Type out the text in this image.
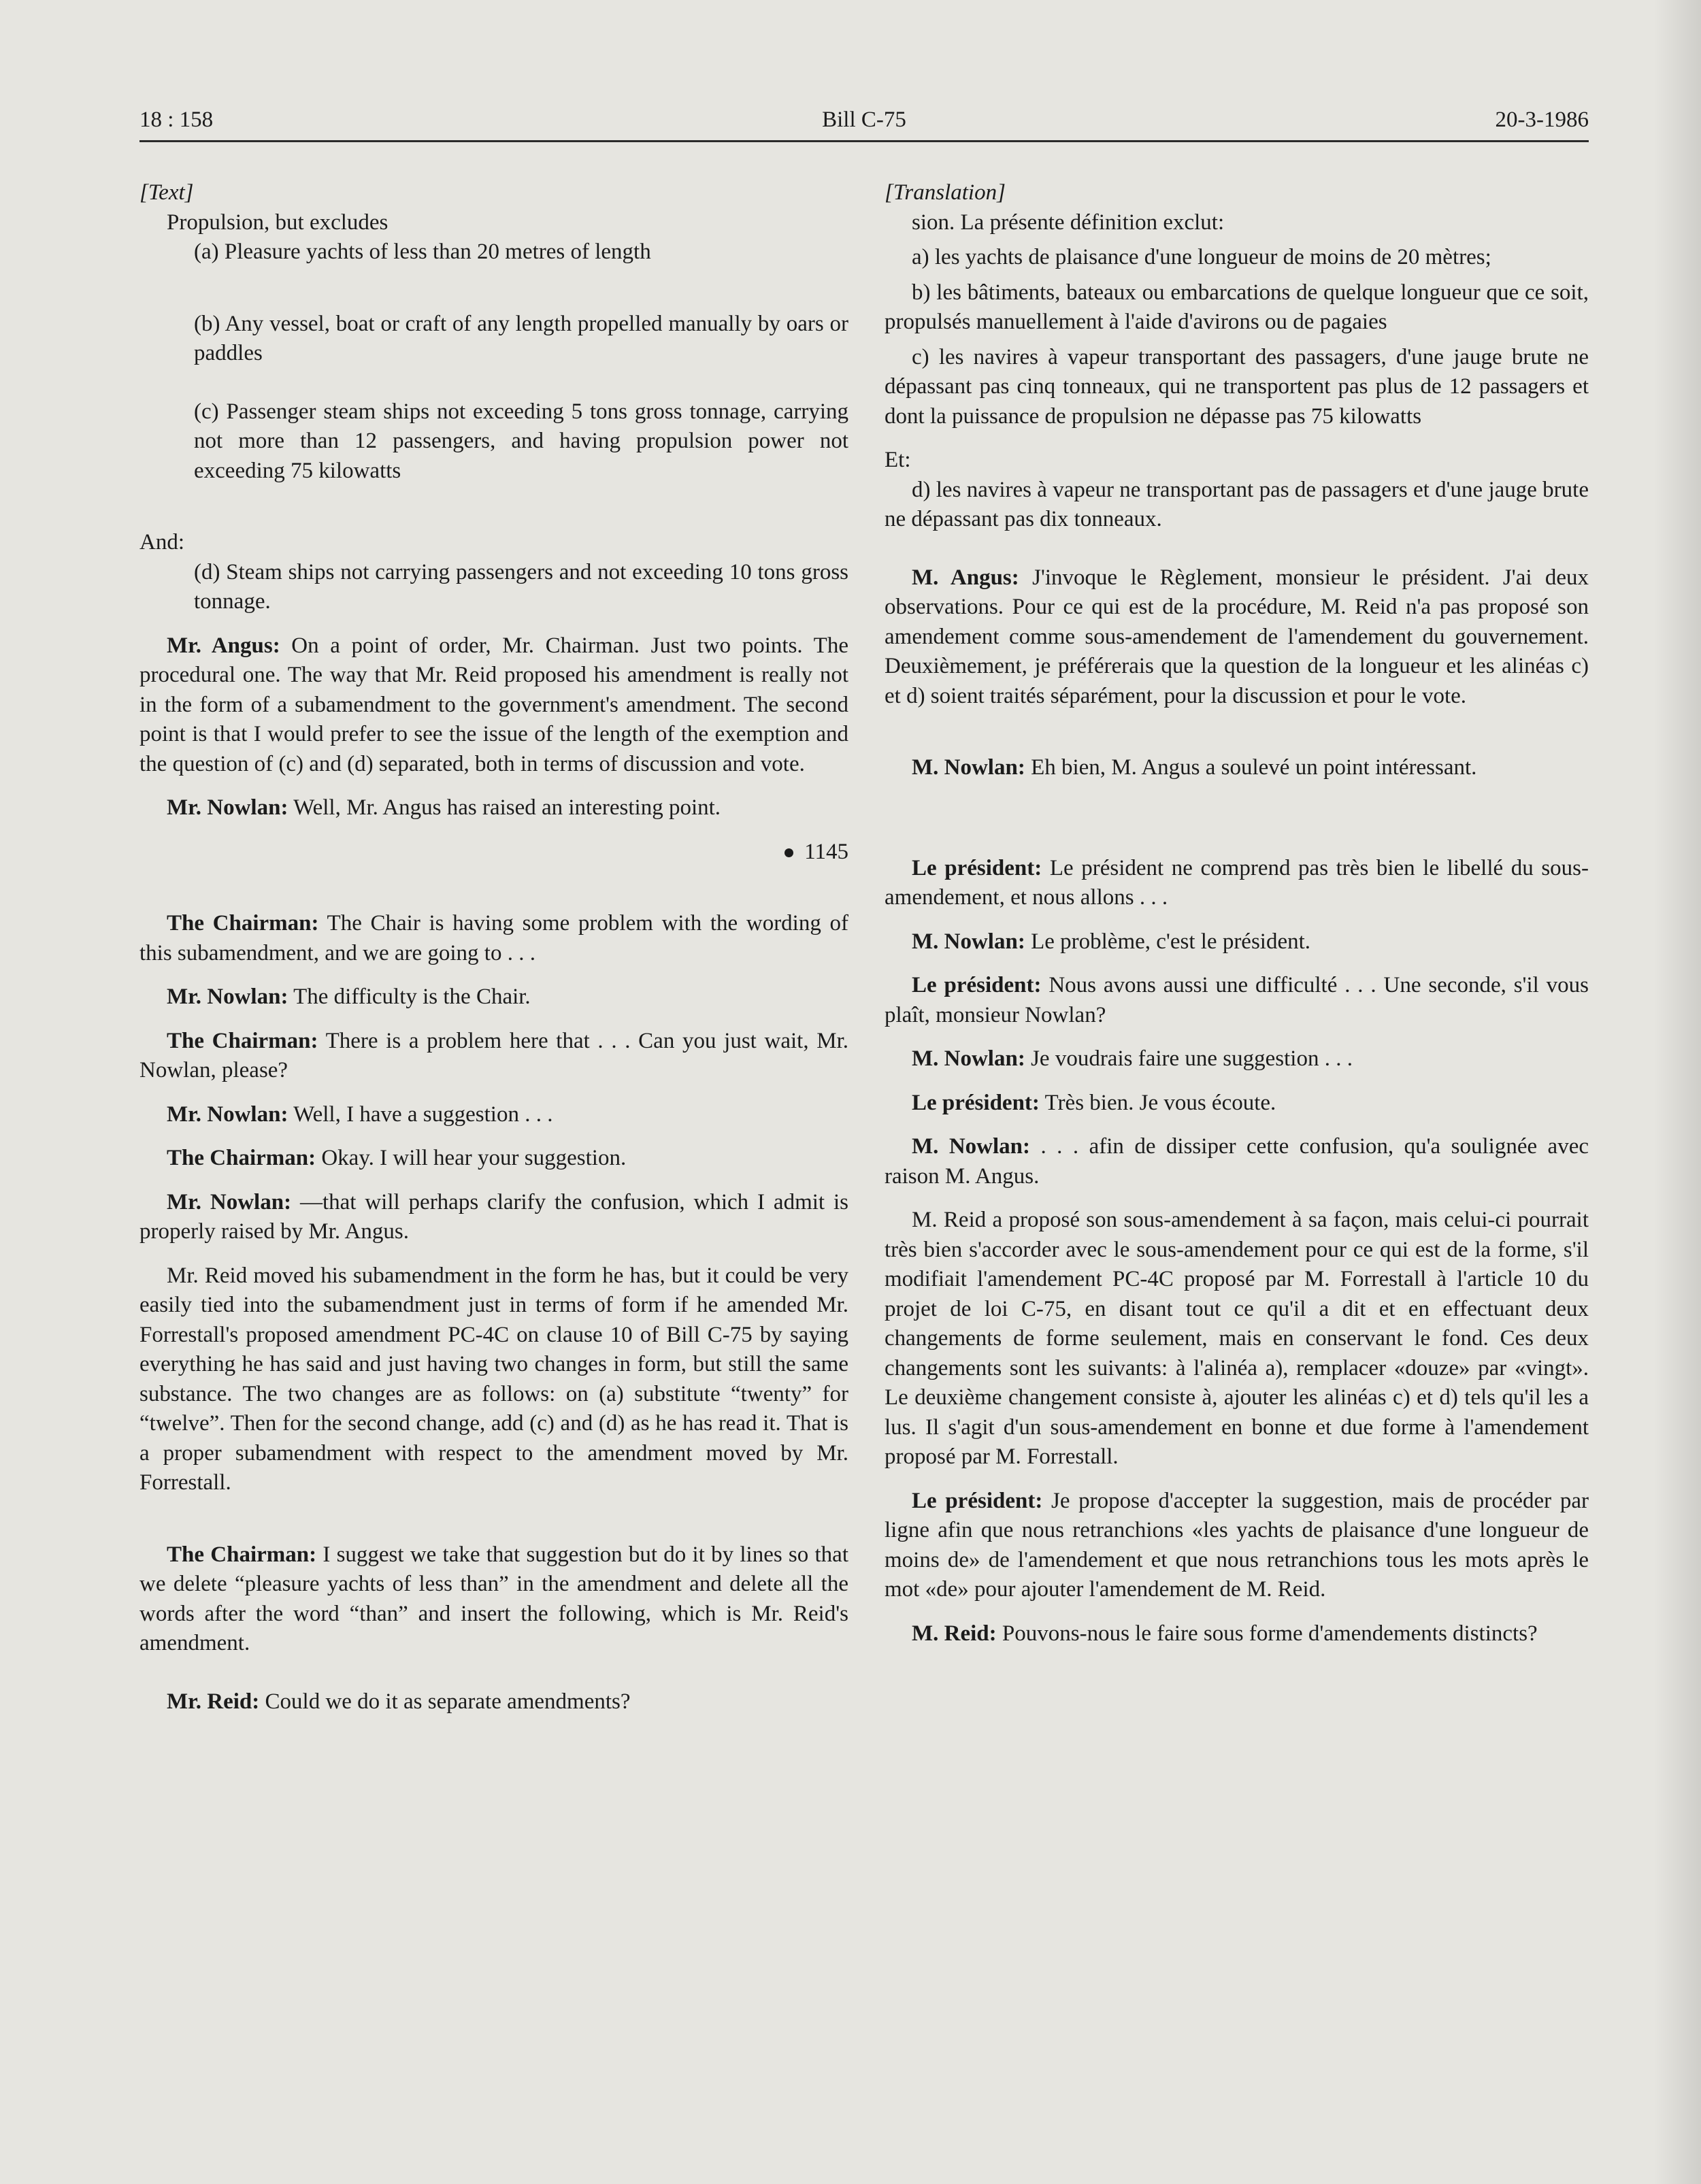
18 : 158	Bill C-75	20-3-1986

[Text]

Propulsion, but excludes

(a) Pleasure yachts of less than 20 metres of length

(b) Any vessel, boat or craft of any length propelled manually by oars or paddles

(c) Passenger steam ships not exceeding 5 tons gross tonnage, carrying not more than 12 passengers, and having propulsion power not exceeding 75 kilowatts

And:

(d) Steam ships not carrying passengers and not exceeding 10 tons gross tonnage.

Mr. Angus: On a point of order, Mr. Chairman. Just two points. The procedural one. The way that Mr. Reid proposed his amendment is really not in the form of a subamendment to the government's amendment. The second point is that I would prefer to see the issue of the length of the exemption and the question of (c) and (d) separated, both in terms of discussion and vote.

Mr. Nowlan: Well, Mr. Angus has raised an interesting point.

1145

The Chairman: The Chair is having some problem with the wording of this subamendment, and we are going to . . .

Mr. Nowlan: The difficulty is the Chair.

The Chairman: There is a problem here that . . . Can you just wait, Mr. Nowlan, please?

Mr. Nowlan: Well, I have a suggestion . . .

The Chairman: Okay. I will hear your suggestion.

Mr. Nowlan: —that will perhaps clarify the confusion, which I admit is properly raised by Mr. Angus.

Mr. Reid moved his subamendment in the form he has, but it could be very easily tied into the subamendment just in terms of form if he amended Mr. Forrestall's proposed amendment PC-4C on clause 10 of Bill C-75 by saying everything he has said and just having two changes in form, but still the same substance. The two changes are as follows: on (a) substitute “twenty” for “twelve”. Then for the second change, add (c) and (d) as he has read it. That is a proper subamendment with respect to the amendment moved by Mr. Forrestall.

The Chairman: I suggest we take that suggestion but do it by lines so that we delete “pleasure yachts of less than” in the amendment and delete all the words after the word “than” and insert the following, which is Mr. Reid's amendment.

Mr. Reid: Could we do it as separate amendments?

[Translation]

sion. La présente définition exclut:

a) les yachts de plaisance d'une longueur de moins de 20 mètres;

b) les bâtiments, bateaux ou embarcations de quelque longueur que ce soit, propulsés manuellement à l'aide d'avirons ou de pagaies

c) les navires à vapeur transportant des passagers, d'une jauge brute ne dépassant pas cinq tonneaux, qui ne transportent pas plus de 12 passagers et dont la puissance de propulsion ne dépasse pas 75 kilowatts

Et:

d) les navires à vapeur ne transportant pas de passagers et d'une jauge brute ne dépassant pas dix tonneaux.

M. Angus: J'invoque le Règlement, monsieur le président. J'ai deux observations. Pour ce qui est de la procédure, M. Reid n'a pas proposé son amendement comme sous-amendement de l'amendement du gouvernement. Deuxièmement, je préférerais que la question de la longueur et les alinéas c) et d) soient traités séparément, pour la discussion et pour le vote.

M. Nowlan: Eh bien, M. Angus a soulevé un point intéressant.

Le président: Le président ne comprend pas très bien le libellé du sous-amendement, et nous allons . . .

M. Nowlan: Le problème, c'est le président.

Le président: Nous avons aussi une difficulté . . . Une seconde, s'il vous plaît, monsieur Nowlan?

M. Nowlan: Je voudrais faire une suggestion . . .

Le président: Très bien. Je vous écoute.

M. Nowlan: . . . afin de dissiper cette confusion, qu'a soulignée avec raison M. Angus.

M. Reid a proposé son sous-amendement à sa façon, mais celui-ci pourrait très bien s'accorder avec le sous-amendement pour ce qui est de la forme, s'il modifiait l'amendement PC-4C proposé par M. Forrestall à l'article 10 du projet de loi C-75, en disant tout ce qu'il a dit et en effectuant deux changements de forme seulement, mais en conservant le fond. Ces deux changements sont les suivants: à l'alinéa a), remplacer «douze» par «vingt». Le deuxième changement consiste à, ajouter les alinéas c) et d) tels qu'il les a lus. Il s'agit d'un sous-amendement en bonne et due forme à l'amendement proposé par M. Forrestall.

Le président: Je propose d'accepter la suggestion, mais de procéder par ligne afin que nous retranchions «les yachts de plaisance d'une longueur de moins de» de l'amendement et que nous retranchions tous les mots après le mot «de» pour ajouter l'amendement de M. Reid.

M. Reid: Pouvons-nous le faire sous forme d'amendements distincts?
